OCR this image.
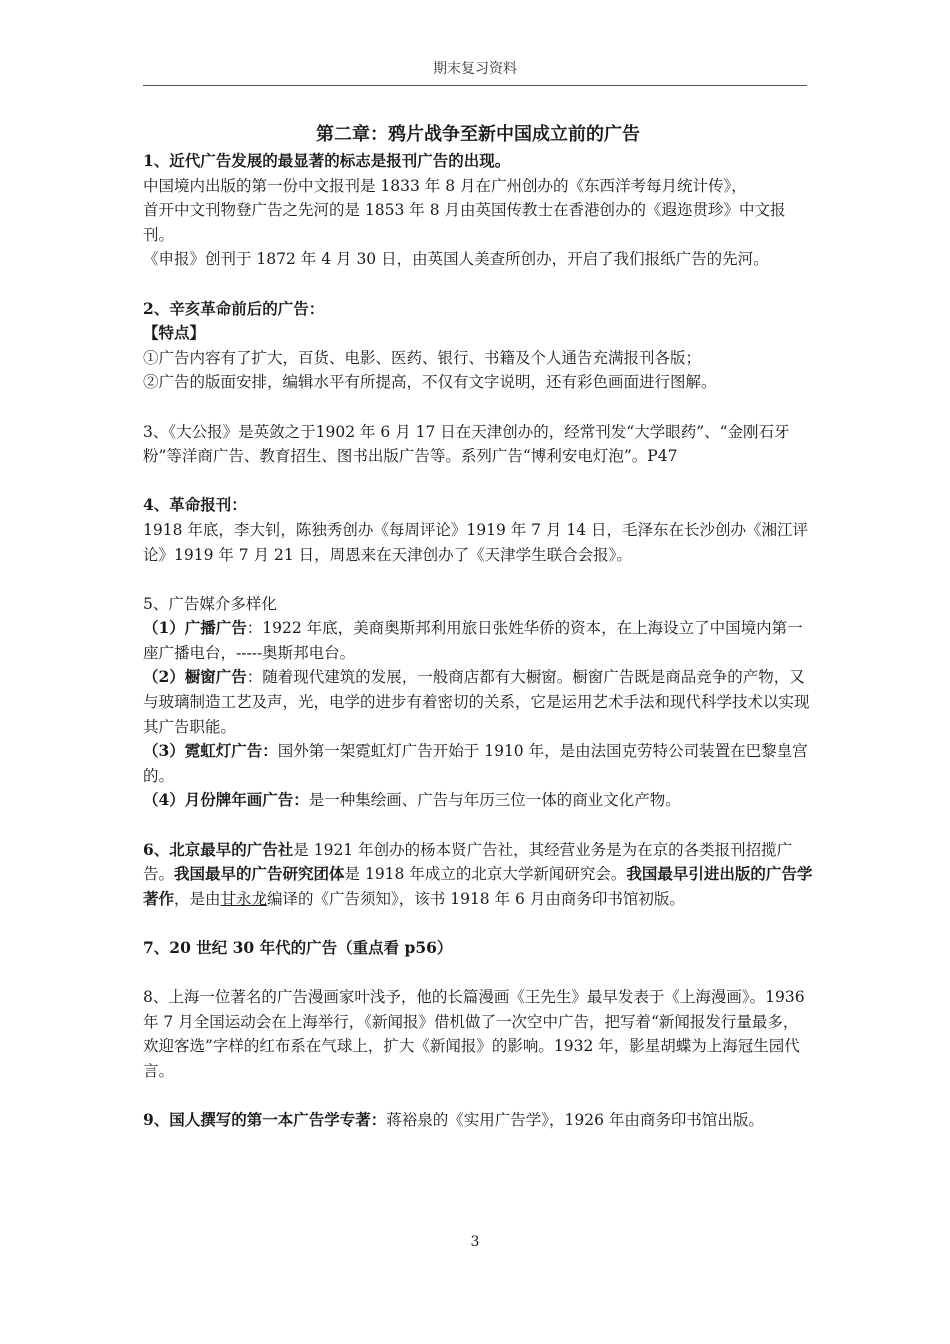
期末复习资料
第二章：鸦片战争至新中国成立前的广告

1、近代广告发展的最显著的标志是报刊广告的出现。

中国境内出版的第一份中文报刊是 1833 年 8 月在广州创办的《东西洋考每月统计传》，

首开中文刊物登广告之先河的是 1853 年 8 月由英国传教士在香港创办的《遐迩贯珍》中文报刊。

《申报》创刊于 1872 年 4 月 30 日，由英国人美查所创办，开启了我们报纸广告的先河。

2、辛亥革命前后的广告：

【特点】

①广告内容有了扩大，百货、电影、医药、银行、书籍及个人通告充满报刊各版；

②广告的版面安排，编辑水平有所提高，不仅有文字说明，还有彩色画面进行图解。

3、《大公报》是英敛之于1902 年 6 月 17 日在天津创办的，经常刊发“大学眼药”、“金刚石牙粉”等洋商广告、教育招生、图书出版广告等。系列广告“博利安电灯泡”。P47

4、革命报刊：

1918 年底，李大钊，陈独秀创办《每周评论》1919 年 7 月 14 日，毛泽东在长沙创办《湘江评论》1919 年 7 月 21 日，周恩来在天津创办了《天津学生联合会报》。

5、广告媒介多样化

（1）广播广告：1922 年底，美商奥斯邦利用旅日张姓华侨的资本，在上海设立了中国境内第一座广播电台，-----奥斯邦电台。

（2）橱窗广告：随着现代建筑的发展，一般商店都有大橱窗。橱窗广告既是商品竞争的产物，又与玻璃制造工艺及声，光，电学的进步有着密切的关系，它是运用艺术手法和现代科学技术以实现其广告职能。

（3）霓虹灯广告：国外第一架霓虹灯广告开始于 1910 年，是由法国克劳特公司装置在巴黎皇宫的。

（4）月份牌年画广告：是一种集绘画、广告与年历三位一体的商业文化产物。

6、北京最早的广告社是 1921 年创办的杨本贤广告社，其经营业务是为在京的各类报刊招揽广告。我国最早的广告研究团体是 1918 年成立的北京大学新闻研究会。我国最早引进出版的广告学著作，是由甘永龙编译的《广告须知》，该书 1918 年 6 月由商务印书馆初版。

7、20 世纪 30 年代的广告（重点看 p56）

8、上海一位著名的广告漫画家叶浅予，他的长篇漫画《王先生》最早发表于《上海漫画》。1936 年 7 月全国运动会在上海举行，《新闻报》借机做了一次空中广告，把写着“新闻报发行量最多，欢迎客选”字样的红布系在气球上，扩大《新闻报》的影响。1932 年，影星胡蝶为上海冠生园代言。

9、国人撰写的第一本广告学专著：蒋裕泉的《实用广告学》，1926 年由商务印书馆出版。

3
